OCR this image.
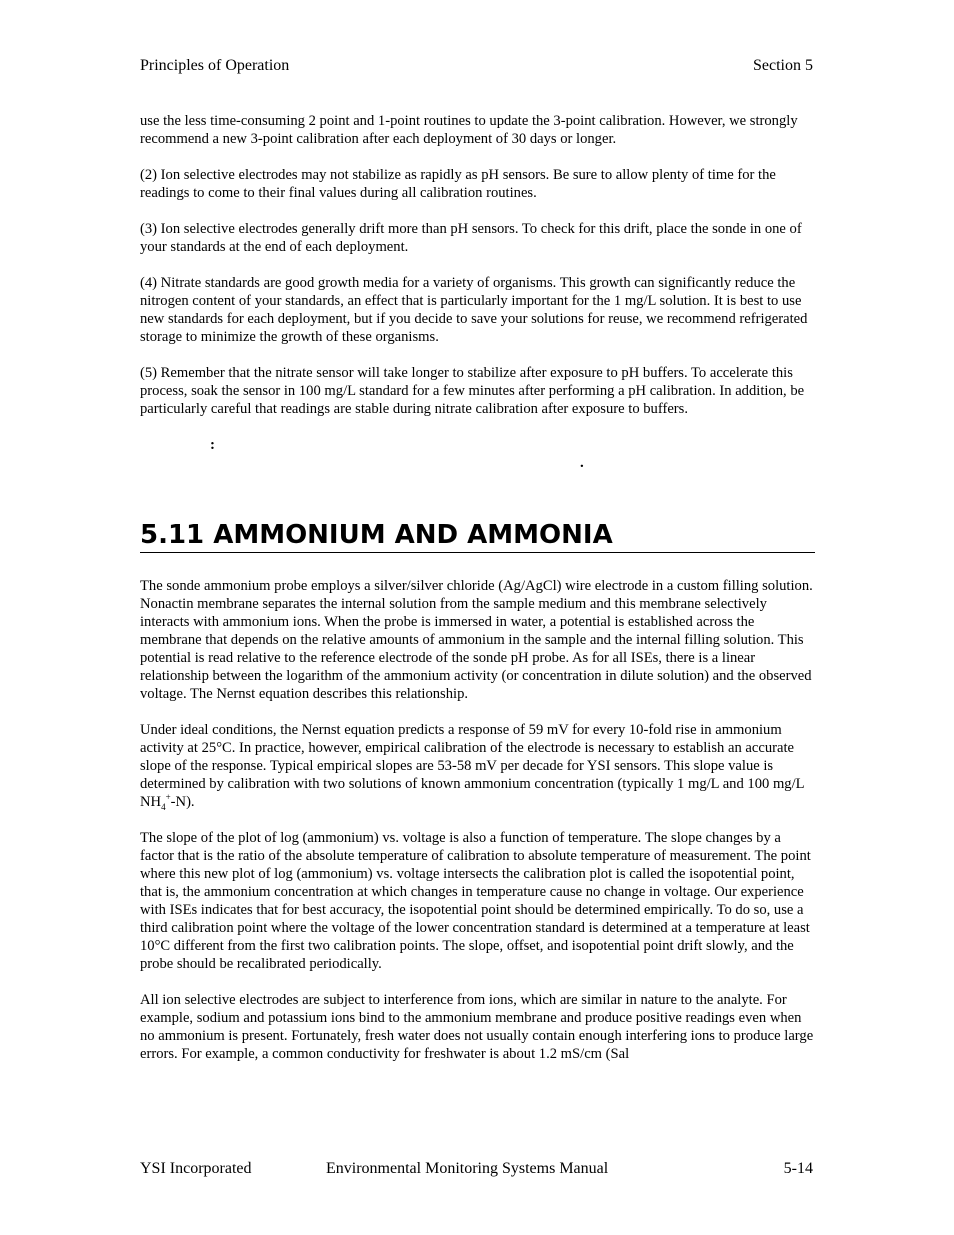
Principles of Operation	Section 5

use the less time-consuming 2 point and 1-point routines to update the 3-point calibration. However, we strongly recommend a new 3-point calibration after each deployment of 30 days or longer.

(2) Ion selective electrodes may not stabilize as rapidly as pH sensors. Be sure to allow plenty of time for the readings to come to their final values during all calibration routines.

(3) Ion selective electrodes generally drift more than pH sensors. To check for this drift, place the sonde in one of your standards at the end of each deployment.

(4) Nitrate standards are good growth media for a variety of organisms. This growth can significantly reduce the nitrogen content of your standards, an effect that is particularly important for the 1 mg/L solution. It is best to use new standards for each deployment, but if you decide to save your solutions for reuse, we recommend refrigerated storage to minimize the growth of these organisms.

(5) Remember that the nitrate sensor will take longer to stabilize after exposure to pH buffers. To accelerate this process, soak the sensor in 100 mg/L standard for a few minutes after performing a pH calibration. In addition, be particularly careful that readings are stable during nitrate calibration after exposure to buffers.

:
.
5.11 AMMONIUM AND AMMONIA

The sonde ammonium probe employs a silver/silver chloride (Ag/AgCl) wire electrode in a custom filling solution. Nonactin membrane separates the internal solution from the sample medium and this membrane selectively interacts with ammonium ions. When the probe is immersed in water, a potential is established across the membrane that depends on the relative amounts of ammonium in the sample and the internal filling solution. This potential is read relative to the reference electrode of the sonde pH probe. As for all ISEs, there is a linear relationship between the logarithm of the ammonium activity (or concentration in dilute solution) and the observed voltage. The Nernst equation describes this relationship.

Under ideal conditions, the Nernst equation predicts a response of 59 mV for every 10-fold rise in ammonium activity at 25°C. In practice, however, empirical calibration of the electrode is necessary to establish an accurate slope of the response. Typical empirical slopes are 53-58 mV per decade for YSI sensors. This slope value is determined by calibration with two solutions of known ammonium concentration (typically 1 mg/L and 100 mg/L $NH_4^+-N$).

The slope of the plot of log (ammonium) vs. voltage is also a function of temperature. The slope changes by a factor that is the ratio of the absolute temperature of calibration to absolute temperature of measurement. The point where this new plot of log (ammonium) vs. voltage intersects the calibration plot is called the isopotential point, that is, the ammonium concentration at which changes in temperature cause no change in voltage. Our experience with ISEs indicates that for best accuracy, the isopotential point should be determined empirically. To do so, use a third calibration point where the voltage of the lower concentration standard is determined at a temperature at least 10°C different from the first two calibration points. The slope, offset, and isopotential point drift slowly, and the probe should be recalibrated periodically.

All ion selective electrodes are subject to interference from ions, which are similar in nature to the analyte. For example, sodium and potassium ions bind to the ammonium membrane and produce positive readings even when no ammonium is present. Fortunately, fresh water does not usually contain enough interfering ions to produce large errors. For example, a common conductivity for freshwater is about 1.2 mS/cm (Sal

YSI Incorporated	Environmental Monitoring Systems Manual	5-14
